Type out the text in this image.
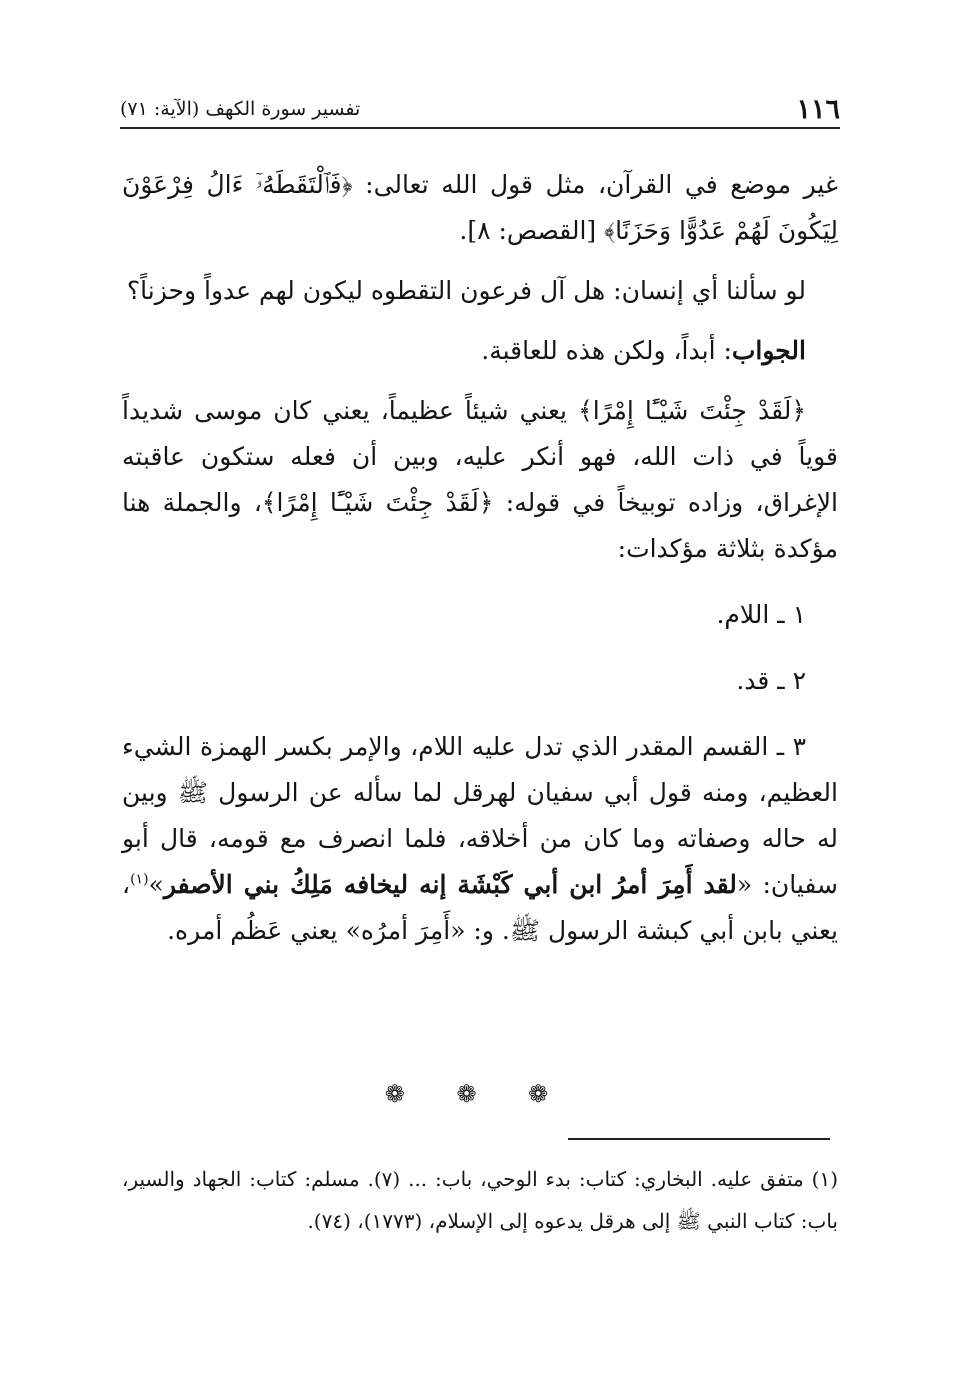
١١٦
تفسير سورة الكهف (الآية: ٧١)

غير موضع في القرآن، مثل قول الله تعالى: ﴿فَٱلْتَقَطَهُۥٓ ءَالُ فِرْعَوْنَ لِيَكُونَ لَهُمْ عَدُوًّا وَحَزَنًا﴾ [القصص: ٨].

لو سألنا أي إنسان: هل آل فرعون التقطوه ليكون لهم عدواً وحزناً؟

الجواب: أبداً، ولكن هذه للعاقبة.

﴿لَقَدْ جِئْتَ شَيْـًٔا إِمْرًا﴾ يعني شيئاً عظيماً، يعني كان موسى شديداً قوياً في ذات الله، فهو أنكر عليه، وبين أن فعله ستكون عاقبته الإغراق، وزاده توبيخاً في قوله: ﴿لَقَدْ جِئْتَ شَيْـًٔا إِمْرًا﴾، والجملة هنا مؤكدة بثلاثة مؤكدات:

١ ـ اللام.

٢ ـ قد.

٣ ـ القسم المقدر الذي تدل عليه اللام، والإمر بكسر الهمزة الشيء العظيم، ومنه قول أبي سفيان لهرقل لما سأله عن الرسول ﷺ وبين له حاله وصفاته وما كان من أخلاقه، فلما انصرف مع قومه، قال أبو سفيان: «لقد أَمِرَ أمرُ ابن أبي كَبْشَة إنه ليخافه مَلِكُ بني الأصفر»$^{(١)}$، يعني بابن أبي كبشة الرسول ﷺ. و: «أَمِرَ أمرُه» يعني عَظُم أمره.

❁ ❁ ❁

(١) متفق عليه. البخاري: كتاب: بدء الوحي، باب: ... (٧). مسلم: كتاب: الجهاد والسير، باب: كتاب النبي ﷺ إلى هرقل يدعوه إلى الإسلام، (١٧٧٣)، (٧٤).
